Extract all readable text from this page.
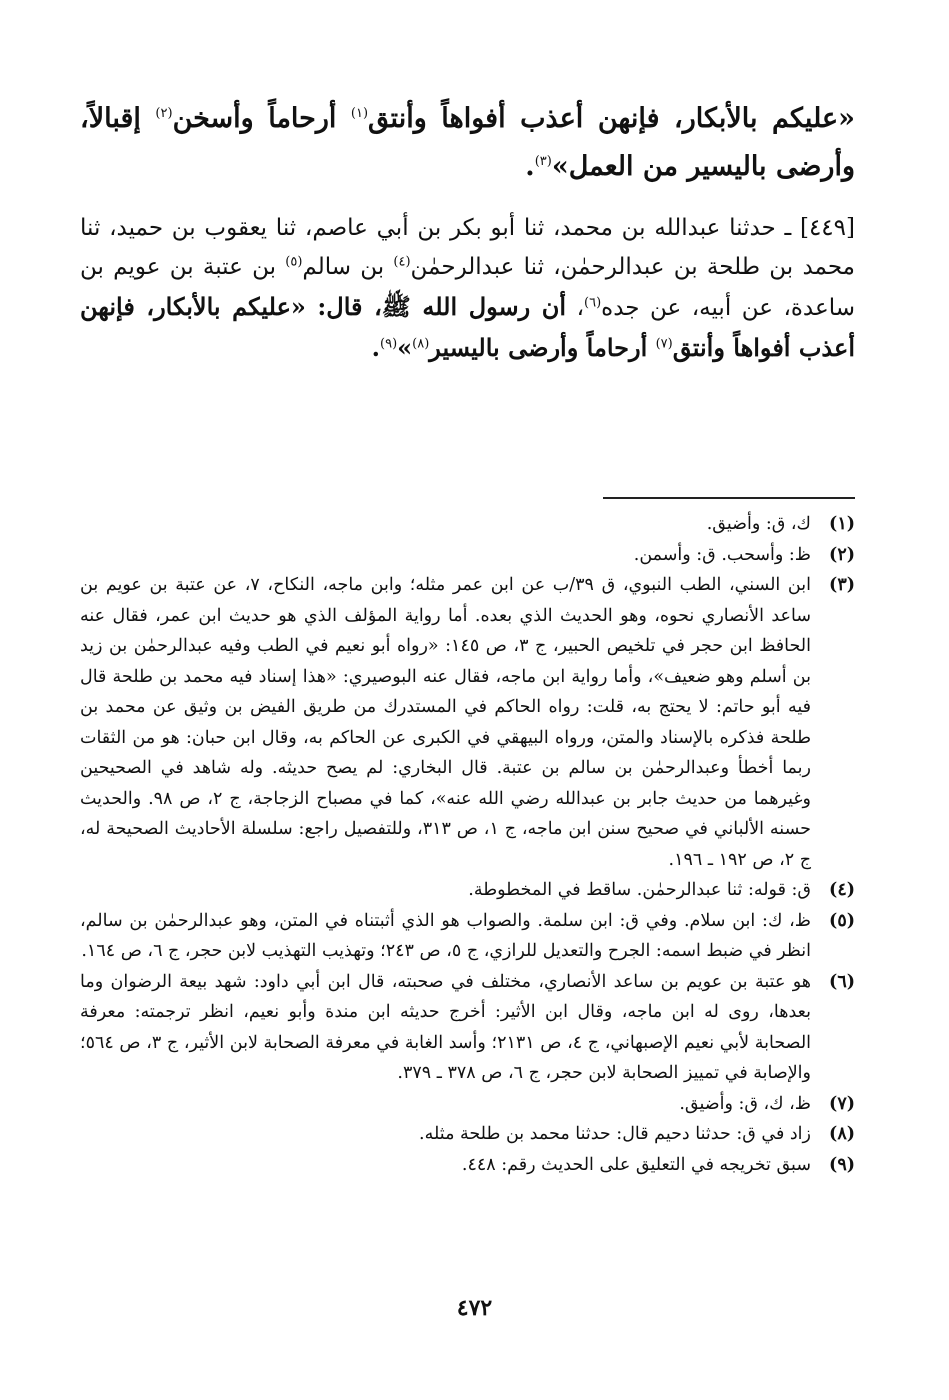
«عليكم بالأبكار، فإنهن أعذب أفواهاً وأنتق$^{(١)}$ أرحاماً وأسخن$^{(٢)}$ إقبالاً، وأرضى باليسير من العمل»$^{(٣)}$.

[٤٤٩] ـ حدثنا عبدالله بن محمد، ثنا أبو بكر بن أبي عاصم، ثنا يعقوب بن حميد، ثنا محمد بن طلحة بن عبدالرحمٰن، ثنا عبدالرحمٰن$^{(٤)}$ بن سالم$^{(٥)}$ بن عتبة بن عويم بن ساعدة، عن أبيه، عن جده$^{(٦)}$، أن رسول الله ﷺ، قال: «عليكم بالأبكار، فإنهن أعذب أفواهاً وأنتق$^{(٧)}$ أرحاماً وأرضى باليسير$^{(٨)}$»$^{(٩)}$.

(١)
ك، ق: وأضيق.
(٢)
ظ: وأسحب. ق: وأسمن.
(٣)
ابن السني، الطب النبوي، ق ٣٩/ب عن ابن عمر مثله؛ وابن ماجه، النكاح، ٧، عن عتبة بن عويم بن ساعد الأنصاري نحوه، وهو الحديث الذي بعده. أما رواية المؤلف الذي هو حديث ابن عمر، فقال عنه الحافظ ابن حجر في تلخيص الحبير، ج ٣، ص ١٤٥: «رواه أبو نعيم في الطب وفيه عبدالرحمٰن بن زيد بن أسلم وهو ضعيف»، وأما رواية ابن ماجه، فقال عنه البوصيري: «هذا إسناد فيه محمد بن طلحة قال فيه أبو حاتم: لا يحتج به، قلت: رواه الحاكم في المستدرك من طريق الفيض بن وثيق عن محمد بن طلحة فذكره بالإسناد والمتن، ورواه البيهقي في الكبرى عن الحاكم به، وقال ابن حبان: هو من الثقات ربما أخطأ وعبدالرحمٰن بن سالم بن عتبة. قال البخاري: لم يصح حديثه. وله شاهد في الصحيحين وغيرهما من حديث جابر بن عبدالله رضي الله عنه»، كما في مصباح الزجاجة، ج ٢، ص ٩٨. والحديث حسنه الألباني في صحيح سنن ابن ماجه، ج ١، ص ٣١٣، وللتفصيل راجع: سلسلة الأحاديث الصحيحة له، ج ٢، ص ١٩٢ ـ ١٩٦.
(٤)
ق: قوله: ثنا عبدالرحمٰن. ساقط في المخطوطة.
(٥)
ظ، ك: ابن سلام. وفي ق: ابن سلمة. والصواب هو الذي أثبتناه في المتن، وهو عبدالرحمٰن بن سالم، انظر في ضبط اسمه: الجرح والتعديل للرازي، ج ٥، ص ٢٤٣؛ وتهذيب التهذيب لابن حجر، ج ٦، ص ١٦٤.
(٦)
هو عتبة بن عويم بن ساعد الأنصاري، مختلف في صحبته، قال ابن أبي داود: شهد بيعة الرضوان وما بعدها، روى له ابن ماجه، وقال ابن الأثير: أخرج حديثه ابن مندة وأبو نعيم، انظر ترجمته: معرفة الصحابة لأبي نعيم الإصبهاني، ج ٤، ص ٢١٣١؛ وأسد الغابة في معرفة الصحابة لابن الأثير، ج ٣، ص ٥٦٤؛ والإصابة في تمييز الصحابة لابن حجر، ج ٦، ص ٣٧٨ ـ ٣٧٩.
(٧)
ظ، ك، ق: وأضيق.
(٨)
زاد في ق: حدثنا دحيم قال: حدثنا محمد بن طلحة مثله.
(٩)
سبق تخريجه في التعليق على الحديث رقم: ٤٤٨.
٤٧٢
